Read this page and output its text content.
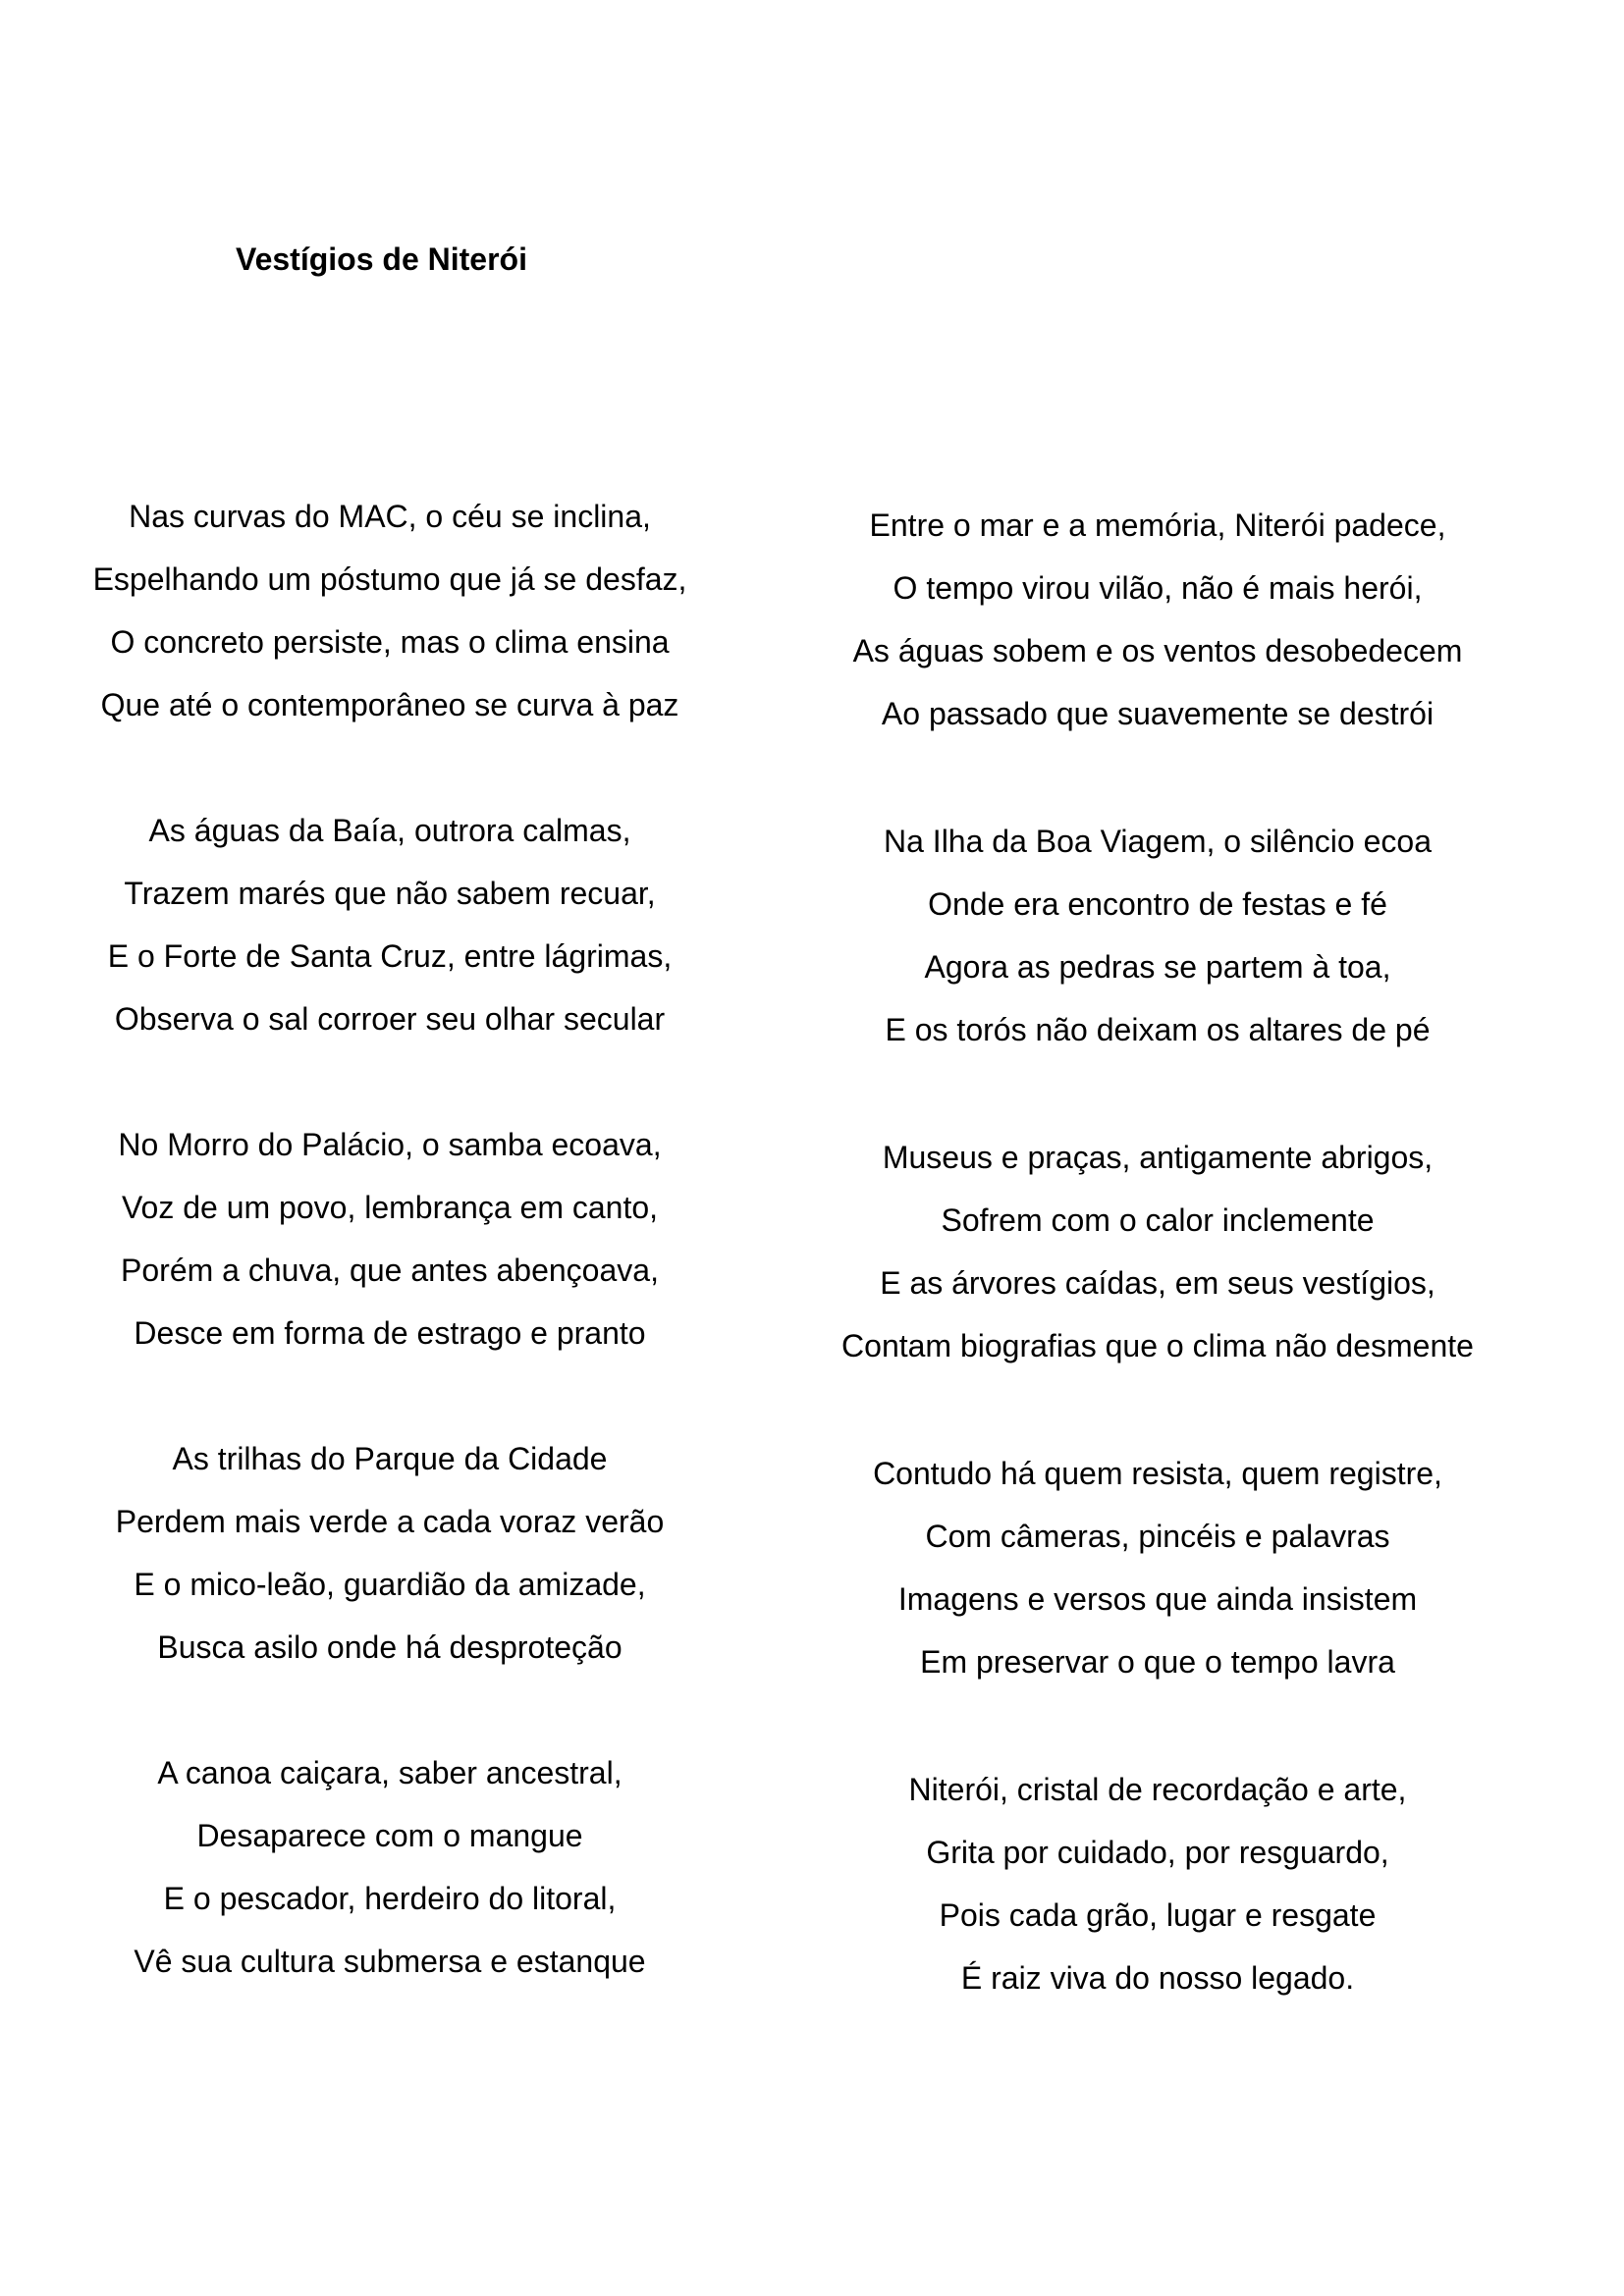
Vestígios de Niterói
Nas curvas do MAC, o céu se inclina,
Espelhando um póstumo que já se desfaz,
O concreto persiste, mas o clima ensina
Que até o contemporâneo se curva à paz
As águas da Baía, outrora calmas,
Trazem marés que não sabem recuar,
E o Forte de Santa Cruz, entre lágrimas,
Observa o sal corroer seu olhar secular
No Morro do Palácio, o samba ecoava,
Voz de um povo, lembrança em canto,
Porém a chuva, que antes abençoava,
Desce em forma de estrago e pranto
As trilhas do Parque da Cidade
Perdem mais verde a cada voraz verão
E o mico-leão, guardião da amizade,
Busca asilo onde há desproteção
A canoa caiçara, saber ancestral,
Desaparece com o mangue
E o pescador, herdeiro do litoral,
Vê sua cultura submersa e estanque
Entre o mar e a memória, Niterói padece,
O tempo virou vilão, não é mais herói,
As águas sobem e os ventos desobedecem
Ao passado que suavemente se destrói
Na Ilha da Boa Viagem, o silêncio ecoa
Onde era encontro de festas e fé
Agora as pedras se partem à toa,
E os torós não deixam os altares de pé
Museus e praças, antigamente abrigos,
Sofrem com o calor inclemente
E as árvores caídas, em seus vestígios,
Contam biografias que o clima não desmente
Contudo há quem resista, quem registre,
Com câmeras, pincéis e palavras
Imagens e versos que ainda insistem
Em preservar o que o tempo lavra
Niterói, cristal de recordação e arte,
Grita por cuidado, por resguardo,
Pois cada grão, lugar e resgate
É raiz viva do nosso legado.
